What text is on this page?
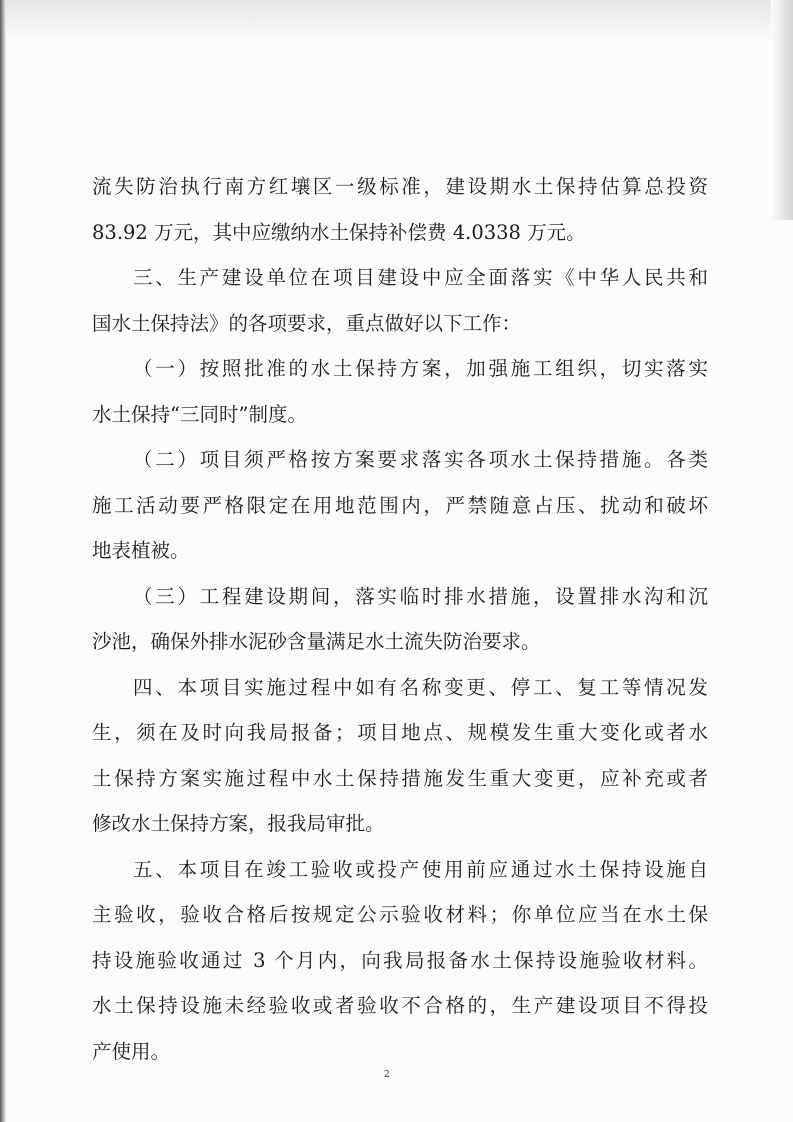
流失防治执行南方红壤区一级标准，建设期水土保持估算总投资
83.92 万元，其中应缴纳水土保持补偿费 4.0338 万元。
三、生产建设单位在项目建设中应全面落实《中华人民共和
国水土保持法》的各项要求，重点做好以下工作：
（一）按照批准的水土保持方案，加强施工组织，切实落实
水土保持“三同时”制度。
（二）项目须严格按方案要求落实各项水土保持措施。各类
施工活动要严格限定在用地范围内，严禁随意占压、扰动和破坏
地表植被。
（三）工程建设期间，落实临时排水措施，设置排水沟和沉
沙池，确保外排水泥砂含量满足水土流失防治要求。
四、本项目实施过程中如有名称变更、停工、复工等情况发
生，须在及时向我局报备；项目地点、规模发生重大变化或者水
土保持方案实施过程中水土保持措施发生重大变更，应补充或者
修改水土保持方案，报我局审批。
五、本项目在竣工验收或投产使用前应通过水土保持设施自
主验收，验收合格后按规定公示验收材料；你单位应当在水土保
持设施验收通过 3 个月内，向我局报备水土保持设施验收材料。
水土保持设施未经验收或者验收不合格的，生产建设项目不得投
产使用。
2
